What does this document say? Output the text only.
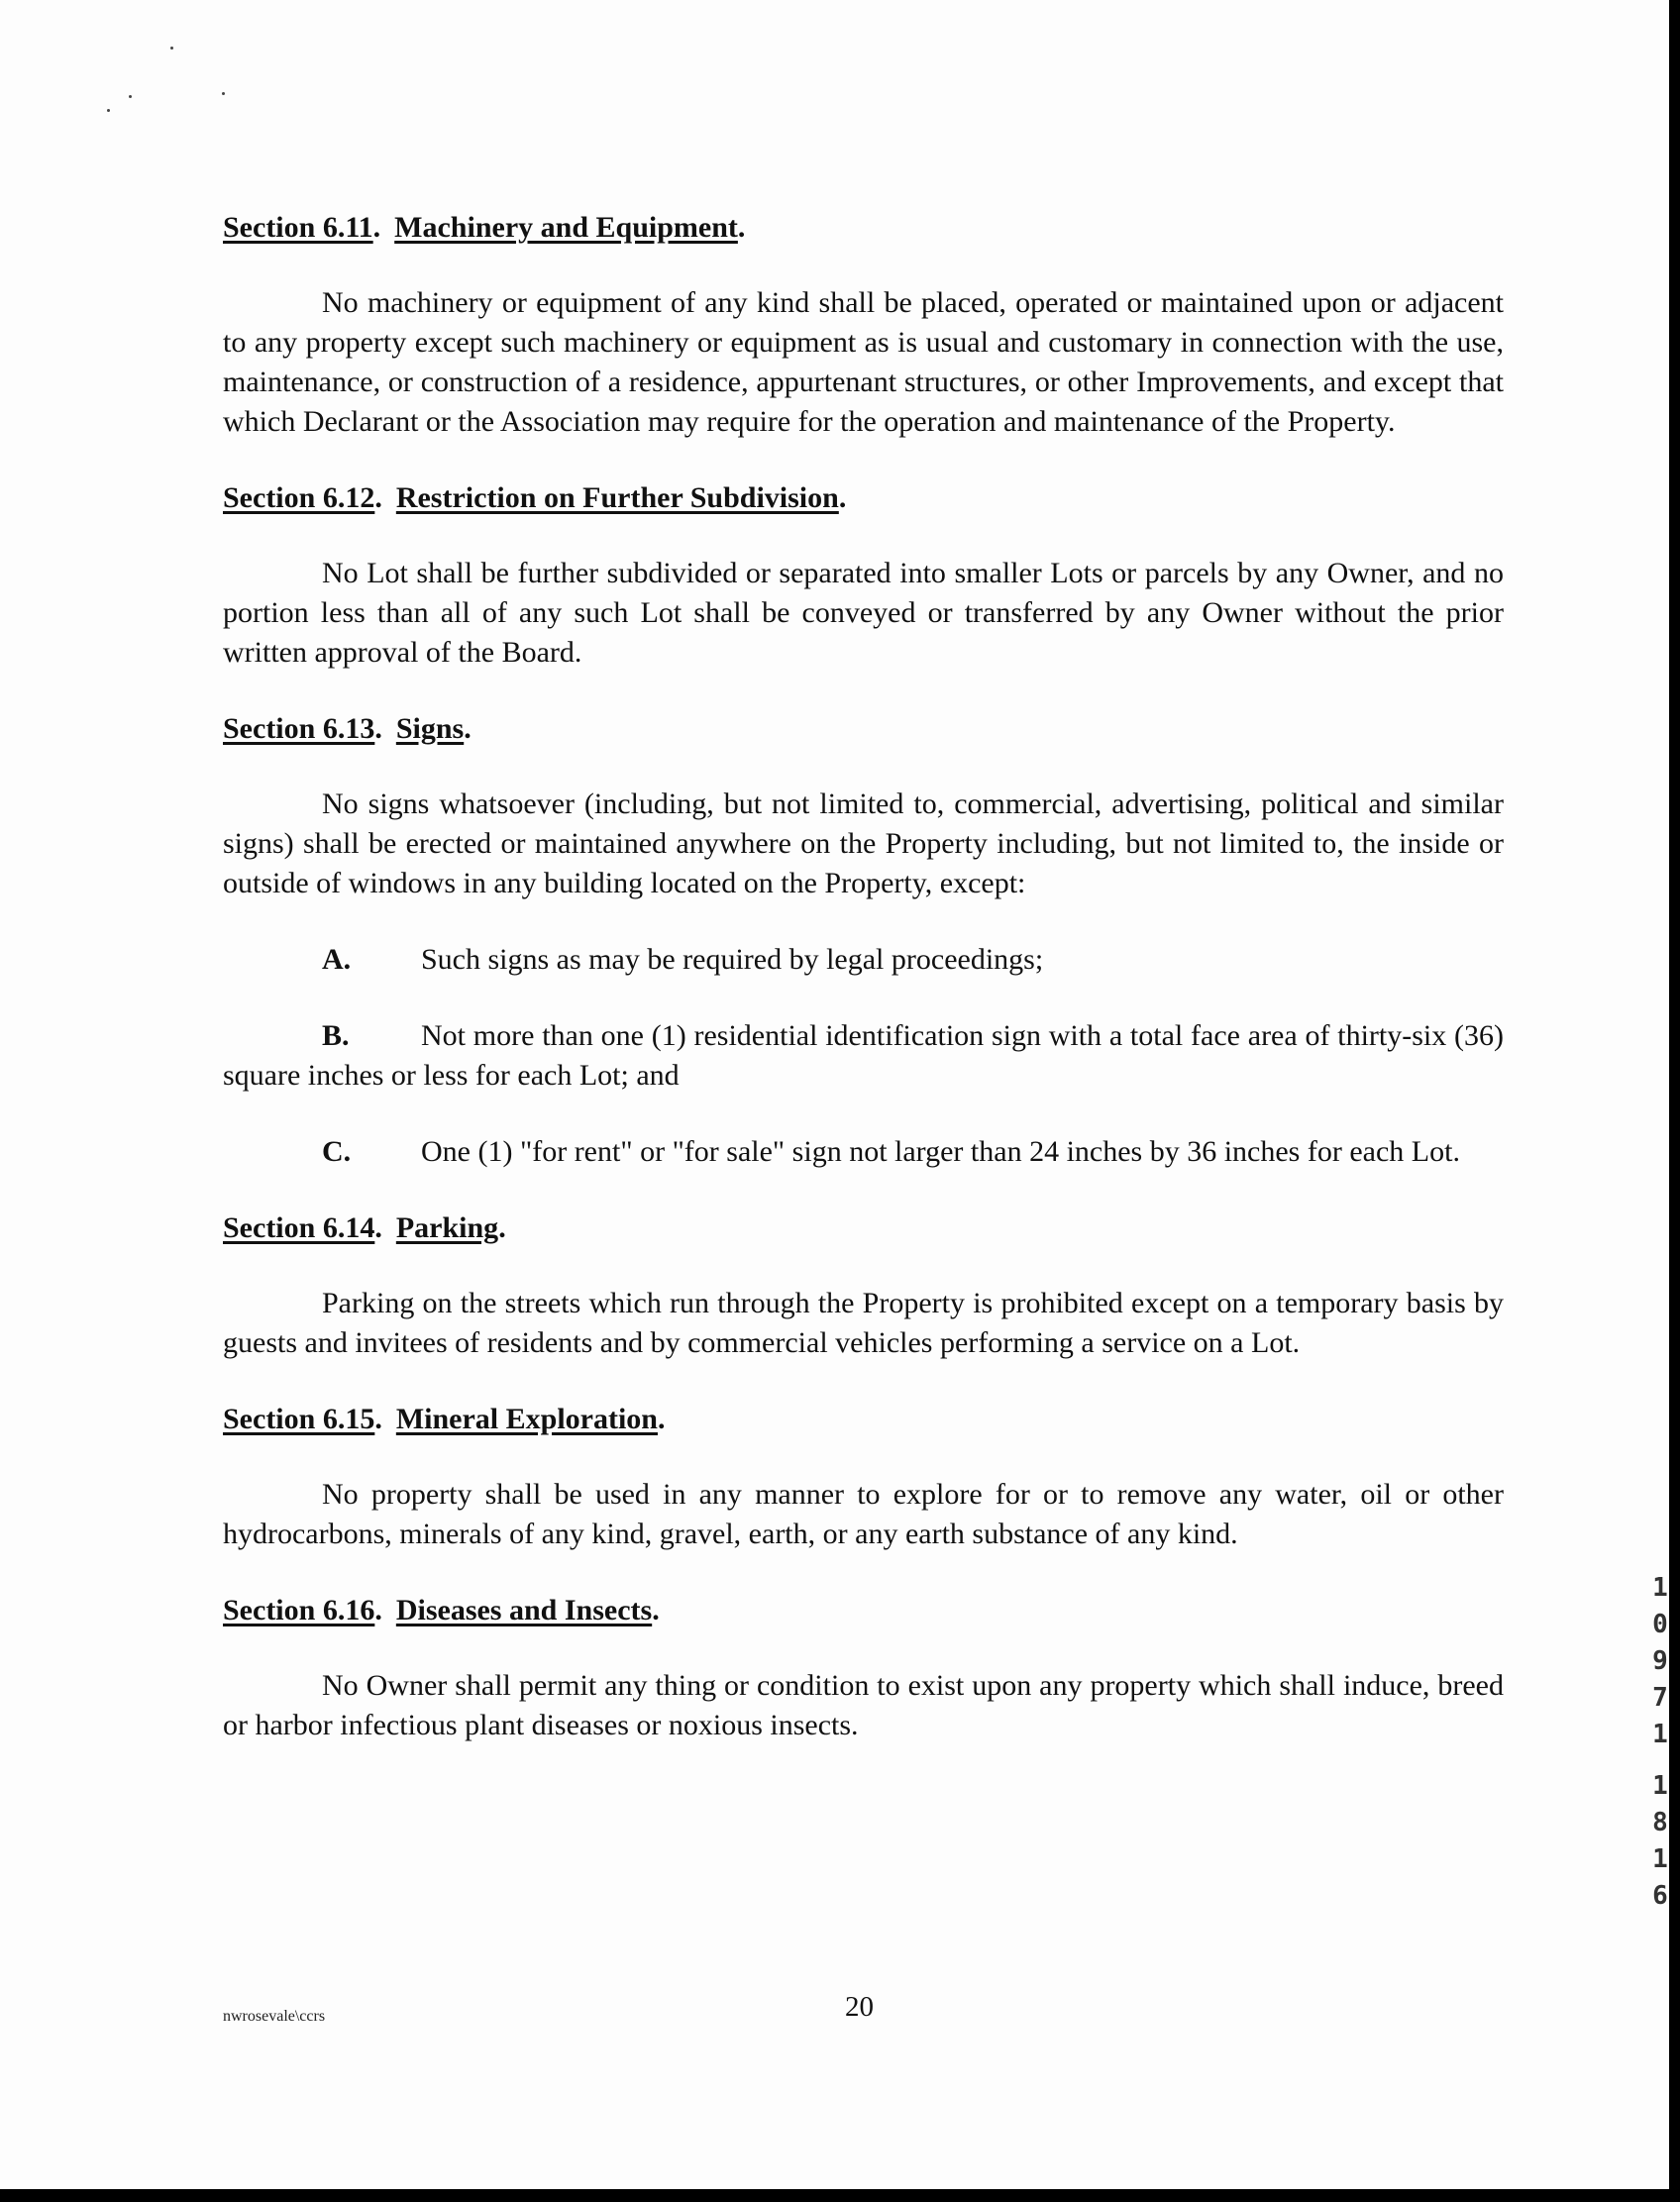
Section 6.11. Machinery and Equipment.

No machinery or equipment of any kind shall be placed, operated or maintained upon or adjacent to any property except such machinery or equipment as is usual and customary in connection with the use, maintenance, or construction of a residence, appurtenant structures, or other Improvements, and except that which Declarant or the Association may require for the operation and maintenance of the Property.

Section 6.12. Restriction on Further Subdivision.

No Lot shall be further subdivided or separated into smaller Lots or parcels by any Owner, and no portion less than all of any such Lot shall be conveyed or transferred by any Owner without the prior written approval of the Board.

Section 6.13. Signs.

No signs whatsoever (including, but not limited to, commercial, advertising, political and similar signs) shall be erected or maintained anywhere on the Property including, but not limited to, the inside or outside of windows in any building located on the Property, except:

A. Such signs as may be required by legal proceedings;
B. Not more than one (1) residential identification sign with a total face area of thirty-six (36) square inches or less for each Lot; and
C. One (1) "for rent" or "for sale" sign not larger than 24 inches by 36 inches for each Lot.
Section 6.14. Parking.

Parking on the streets which run through the Property is prohibited except on a temporary basis by guests and invitees of residents and by commercial vehicles performing a service on a Lot.

Section 6.15. Mineral Exploration.

No property shall be used in any manner to explore for or to remove any water, oil or other hydrocarbons, minerals of any kind, gravel, earth, or any earth substance of any kind.

Section 6.16. Diseases and Insects.

No Owner shall permit any thing or condition to exist upon any property which shall induce, breed or harbor infectious plant diseases or noxious insects.

nwrosevale\ccrs	20
1
0
9
7
1
1
8
1
6
